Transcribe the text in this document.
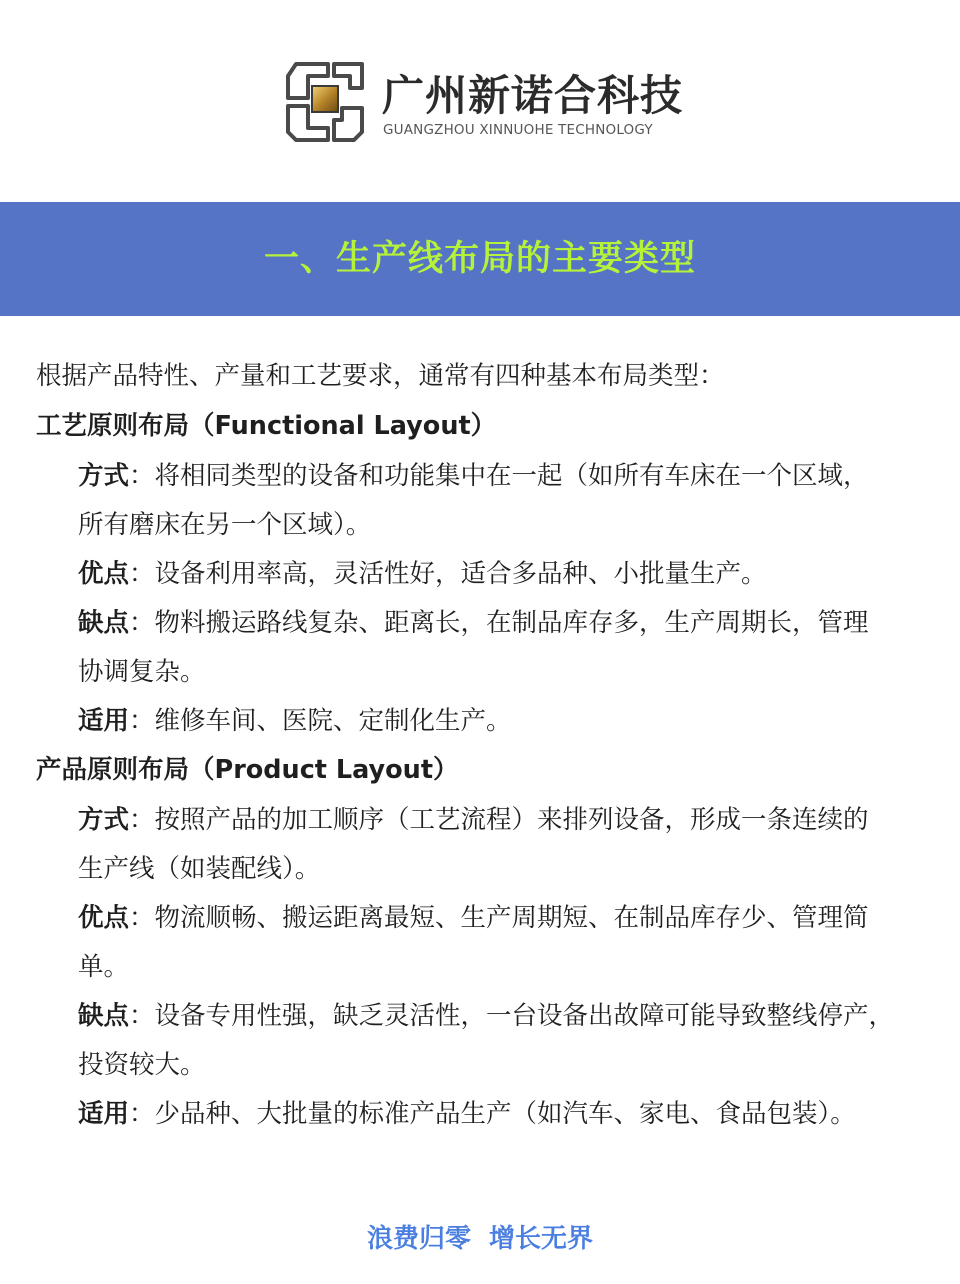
广州新诺合科技
GUANGZHOU XINNUOHE TECHNOLOGY
一、生产线布局的主要类型
根据产品特性、产量和工艺要求，通常有四种基本布局类型：
工艺原则布局（Functional Layout）
方式：将相同类型的设备和功能集中在一起（如所有车床在一个区域，
所有磨床在另一个区域）。
优点：设备利用率高，灵活性好，适合多品种、小批量生产。
缺点：物料搬运路线复杂、距离长，在制品库存多，生产周期长，管理
协调复杂。
适用：维修车间、医院、定制化生产。
产品原则布局（Product Layout）
方式：按照产品的加工顺序（工艺流程）来排列设备，形成一条连续的
生产线（如装配线）。
优点：物流顺畅、搬运距离最短、生产周期短、在制品库存少、管理简
单。
缺点：设备专用性强，缺乏灵活性，一台设备出故障可能导致整线停产，
投资较大。
适用：少品种、大批量的标准产品生产（如汽车、家电、食品包装）。
浪费归零  增长无界
